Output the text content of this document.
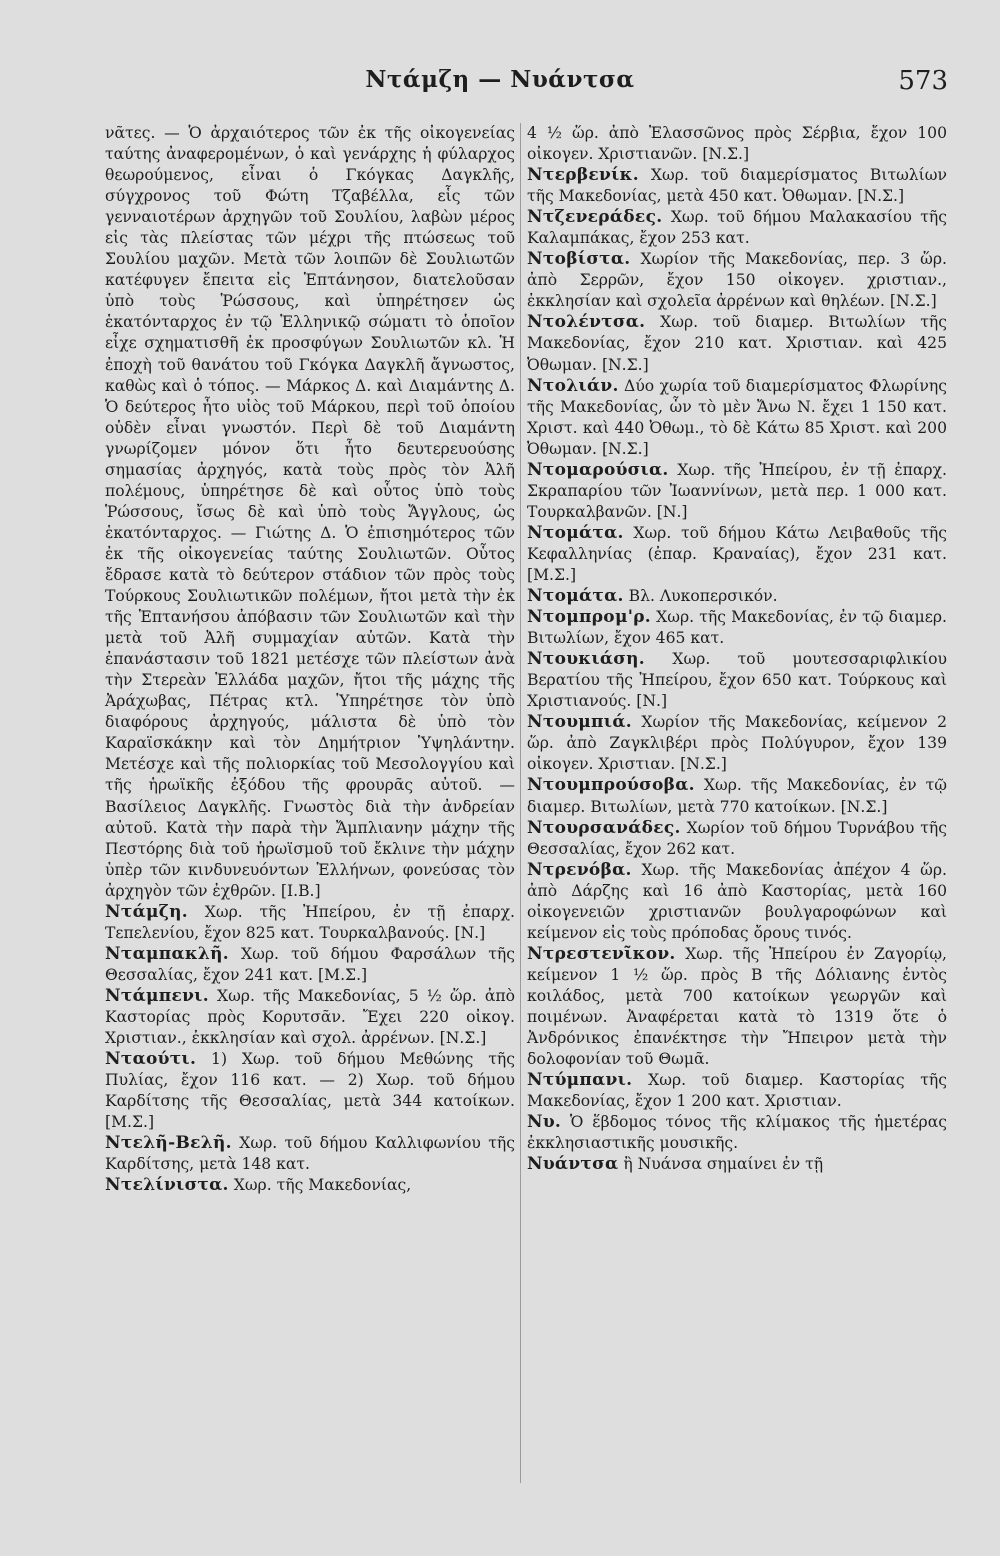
Ντάμζη — Νυάντσα	573

νᾶτες. — Ὁ ἀρχαιότερος τῶν ἐκ τῆς οἰκογενείας ταύτης ἀναφερομένων, ὁ καὶ γενάρχης ἡ φύλαρχος θεωρούμενος, εἶναι ὁ Γκόγκας Δαγκλῆς, σύγχρονος τοῦ Φώτη Τζαβέλλα, εἷς τῶν γενναιοτέρων ἀρχηγῶν τοῦ Σουλίου, λαβὼν μέρος εἰς τὰς πλείστας τῶν μέχρι τῆς πτώσεως τοῦ Σουλίου μαχῶν. Μετὰ τῶν λοιπῶν δὲ Σουλιωτῶν κατέφυγεν ἔπειτα εἰς Ἑπτάνησον, διατελοῦσαν ὑπὸ τοὺς Ῥώσσους, καὶ ὑπηρέτησεν ὡς ἑκατόνταρχος ἐν τῷ Ἑλληνικῷ σώματι τὸ ὁποῖον εἶχε σχηματισθῆ ἐκ προσφύγων Σουλιωτῶν κλ. Ἡ ἐποχὴ τοῦ θανάτου τοῦ Γκόγκα Δαγκλῆ ἄγνωστος, καθὼς καὶ ὁ τόπος. — Μάρκος Δ. καὶ Διαμάντης Δ. Ὁ δεύτερος ἦτο υἱὸς τοῦ Μάρκου, περὶ τοῦ ὁποίου οὐδὲν εἶναι γνωστόν. Περὶ δὲ τοῦ Διαμάντη γνωρίζομεν μόνον ὅτι ἦτο δευτερευούσης σημασίας ἀρχηγός, κατὰ τοὺς πρὸς τὸν Ἀλῆ πολέμους, ὑπηρέτησε δὲ καὶ οὗτος ὑπὸ τοὺς Ῥώσσους, ἴσως δὲ καὶ ὑπὸ τοὺς Ἄγγλους, ὡς ἑκατόνταρχος. — Γιώτης Δ. Ὁ ἐπισημότερος τῶν ἐκ τῆς οἰκογενείας ταύτης Σουλιωτῶν. Οὗτος ἔδρασε κατὰ τὸ δεύτερον στάδιον τῶν πρὸς τοὺς Τούρκους Σουλιωτικῶν πολέμων, ἤτοι μετὰ τὴν ἐκ τῆς Ἑπτανήσου ἀπόβασιν τῶν Σουλιωτῶν καὶ τὴν μετὰ τοῦ Ἀλῆ συμμαχίαν αὐτῶν. Κατὰ τὴν ἐπανάστασιν τοῦ 1821 μετέσχε τῶν πλείστων ἀνὰ τὴν Στερεὰν Ἑλλάδα μαχῶν, ἤτοι τῆς μάχης τῆς Ἀράχωβας, Πέτρας κτλ. Ὑπηρέτησε τὸν ὑπὸ διαφόρους ἀρχηγούς, μάλιστα δὲ ὑπὸ τὸν Καραϊσκάκην καὶ τὸν Δημήτριον Ὑψηλάντην. Μετέσχε καὶ τῆς πολιορκίας τοῦ Μεσολογγίου καὶ τῆς ἡρωϊκῆς ἐξόδου τῆς φρουρᾶς αὐτοῦ. — Βασίλειος Δαγκλῆς. Γνωστὸς διὰ τὴν ἀνδρείαν αὐτοῦ. Κατὰ τὴν παρὰ τὴν Ἄμπλιανην μάχην τῆς Πεστόρης διὰ τοῦ ἡρωϊσμοῦ τοῦ ἔκλινε τὴν μάχην ὑπὲρ τῶν κινδυνευόντων Ἑλλήνων, φονεύσας τὸν ἀρχηγὸν τῶν ἐχθρῶν. [Ι.Β.]

Ντάμζη. Χωρ. τῆς Ἠπείρου, ἐν τῇ ἐπαρχ. Τεπελενίου, ἔχον 825 κατ. Τουρκαλβανούς. [Ν.]

Νταμπακλῆ. Χωρ. τοῦ δήμου Φαρσάλων τῆς Θεσσαλίας, ἔχον 241 κατ. [Μ.Σ.]

Ντάμπενι. Χωρ. τῆς Μακεδονίας, 5 ½ ὥρ. ἀπὸ Καστορίας πρὸς Κορυτσᾶν. Ἔχει 220 οἰκογ. Χριστιαν., ἐκκλησίαν καὶ σχολ. ἀρρένων. [Ν.Σ.]

Νταούτι. 1) Χωρ. τοῦ δήμου Μεθώνης τῆς Πυλίας, ἔχον 116 κατ. — 2) Χωρ. τοῦ δήμου Καρδίτσης τῆς Θεσσαλίας, μετὰ 344 κατοίκων. [Μ.Σ.]

Ντελῆ-Βελῆ. Χωρ. τοῦ δήμου Καλλιφωνίου τῆς Καρδίτσης, μετὰ 148 κατ.

Ντελίνιστα. Χωρ. τῆς Μακεδονίας,

4 ½ ὥρ. ἀπὸ Ἐλασσῶνος πρὸς Σέρβια, ἔχον 100 οἰκογεν. Χριστιανῶν. [Ν.Σ.]

Ντερβενίκ. Χωρ. τοῦ διαμερίσματος Βιτωλίων τῆς Μακεδονίας, μετὰ 450 κατ. Ὀθωμαν. [Ν.Σ.]

Ντζενεράδες. Χωρ. τοῦ δήμου Μαλακασίου τῆς Καλαμπάκας, ἔχον 253 κατ.

Ντοβίστα. Χωρίον τῆς Μακεδονίας, περ. 3 ὥρ. ἀπὸ Σερρῶν, ἔχον 150 οἰκογεν. χριστιαν., ἐκκλησίαν καὶ σχολεῖα ἀρρένων καὶ θηλέων. [Ν.Σ.]

Ντολέντσα. Χωρ. τοῦ διαμερ. Βιτωλίων τῆς Μακεδονίας, ἔχον 210 κατ. Χριστιαν. καὶ 425 Ὀθωμαν. [Ν.Σ.]

Ντολιάν. Δύο χωρία τοῦ διαμερίσματος Φλωρίνης τῆς Μακεδονίας, ὧν τὸ μὲν Ἄνω Ν. ἔχει 1 150 κατ. Χριστ. καὶ 440 Ὀθωμ., τὸ δὲ Κάτω 85 Χριστ. καὶ 200 Ὀθωμαν. [Ν.Σ.]

Ντομαρούσια. Χωρ. τῆς Ἠπείρου, ἐν τῇ ἐπαρχ. Σκραπαρίου τῶν Ἰωαννίνων, μετὰ περ. 1 000 κατ. Τουρκαλβανῶν. [Ν.]

Ντομάτα. Χωρ. τοῦ δήμου Κάτω Λειβαθοῦς τῆς Κεφαλληνίας (ἐπαρ. Κραναίας), ἔχον 231 κατ. [Μ.Σ.]

Ντομάτα. Βλ. Λυκοπερσικόν.

Ντομπρομ'ρ. Χωρ. τῆς Μακεδονίας, ἐν τῷ διαμερ. Βιτωλίων, ἔχον 465 κατ.

Ντουκιάση. Χωρ. τοῦ μουτεσσαριφλικίου Βερατίου τῆς Ἠπείρου, ἔχον 650 κατ. Τούρκους καὶ Χριστιανούς. [Ν.]

Ντουμπιά. Χωρίον τῆς Μακεδονίας, κείμενον 2 ὥρ. ἀπὸ Ζαγκλιβέρι πρὸς Πολύγυρον, ἔχον 139 οἰκογεν. Χριστιαν. [Ν.Σ.]

Ντουμπρούσοβα. Χωρ. τῆς Μακεδονίας, ἐν τῷ διαμερ. Βιτωλίων, μετὰ 770 κατοίκων. [Ν.Σ.]

Ντουρσανάδες. Χωρίον τοῦ δήμου Τυρνάβου τῆς Θεσσαλίας, ἔχον 262 κατ.

Ντρενόβα. Χωρ. τῆς Μακεδονίας ἀπέχον 4 ὥρ. ἀπὸ Δάρζης καὶ 16 ἀπὸ Καστορίας, μετὰ 160 οἰκογενειῶν χριστιανῶν βουλγαροφώνων καὶ κείμενον εἰς τοὺς πρόποδας ὄρους τινός.

Ντρεστενῖκον. Χωρ. τῆς Ἠπείρου ἐν Ζαγορίῳ, κείμενον 1 ½ ὥρ. πρὸς Β τῆς Δόλιανης ἐντὸς κοιλάδος, μετὰ 700 κατοίκων γεωργῶν καὶ ποιμένων. Ἀναφέρεται κατὰ τὸ 1319 ὅτε ὁ Ἀνδρόνικος ἐπανέκτησε τὴν Ἤπειρον μετὰ τὴν δολοφονίαν τοῦ Θωμᾶ.

Ντύμπανι. Χωρ. τοῦ διαμερ. Καστορίας τῆς Μακεδονίας, ἔχον 1 200 κατ. Χριστιαν.

Νυ. Ὁ ἕβδομος τόνος τῆς κλίμακος τῆς ἡμετέρας ἐκκλησιαστικῆς μουσικῆς.

Νυάντσα ἢ Νυάνσα σημαίνει ἐν τῇ
